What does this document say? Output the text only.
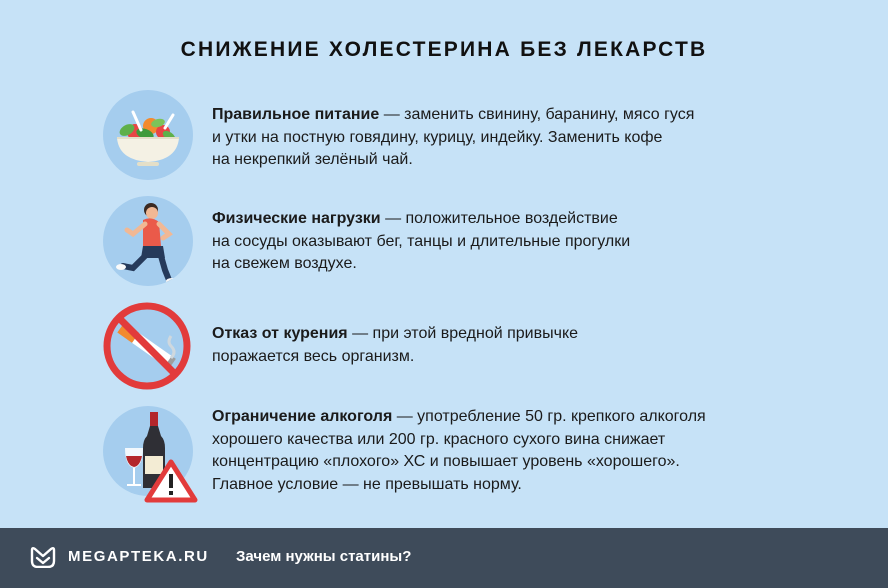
СНИЖЕНИЕ ХОЛЕСТЕРИНА БЕЗ ЛЕКАРСТВ
Правильное питание — заменить свинину, баранину, мясо гуся
и утки на постную говядину, курицу, индейку. Заменить кофе
на некрепкий зелёный чай.
Физические нагрузки — положительное воздействие
на сосуды оказывают бег, танцы и длительные прогулки
на свежем воздухе.
Отказ от курения — при этой вредной привычке
поражается весь организм.
Ограничение алкоголя — употребление 50 гр. крепкого алкоголя
хорошего качества или 200 гр. красного сухого вина снижает
концентрацию «плохого» ХС и повышает уровень «хорошего».
Главное условие — не превышать норму.
MEGAPTEKA.RU Зачем нужны статины?
